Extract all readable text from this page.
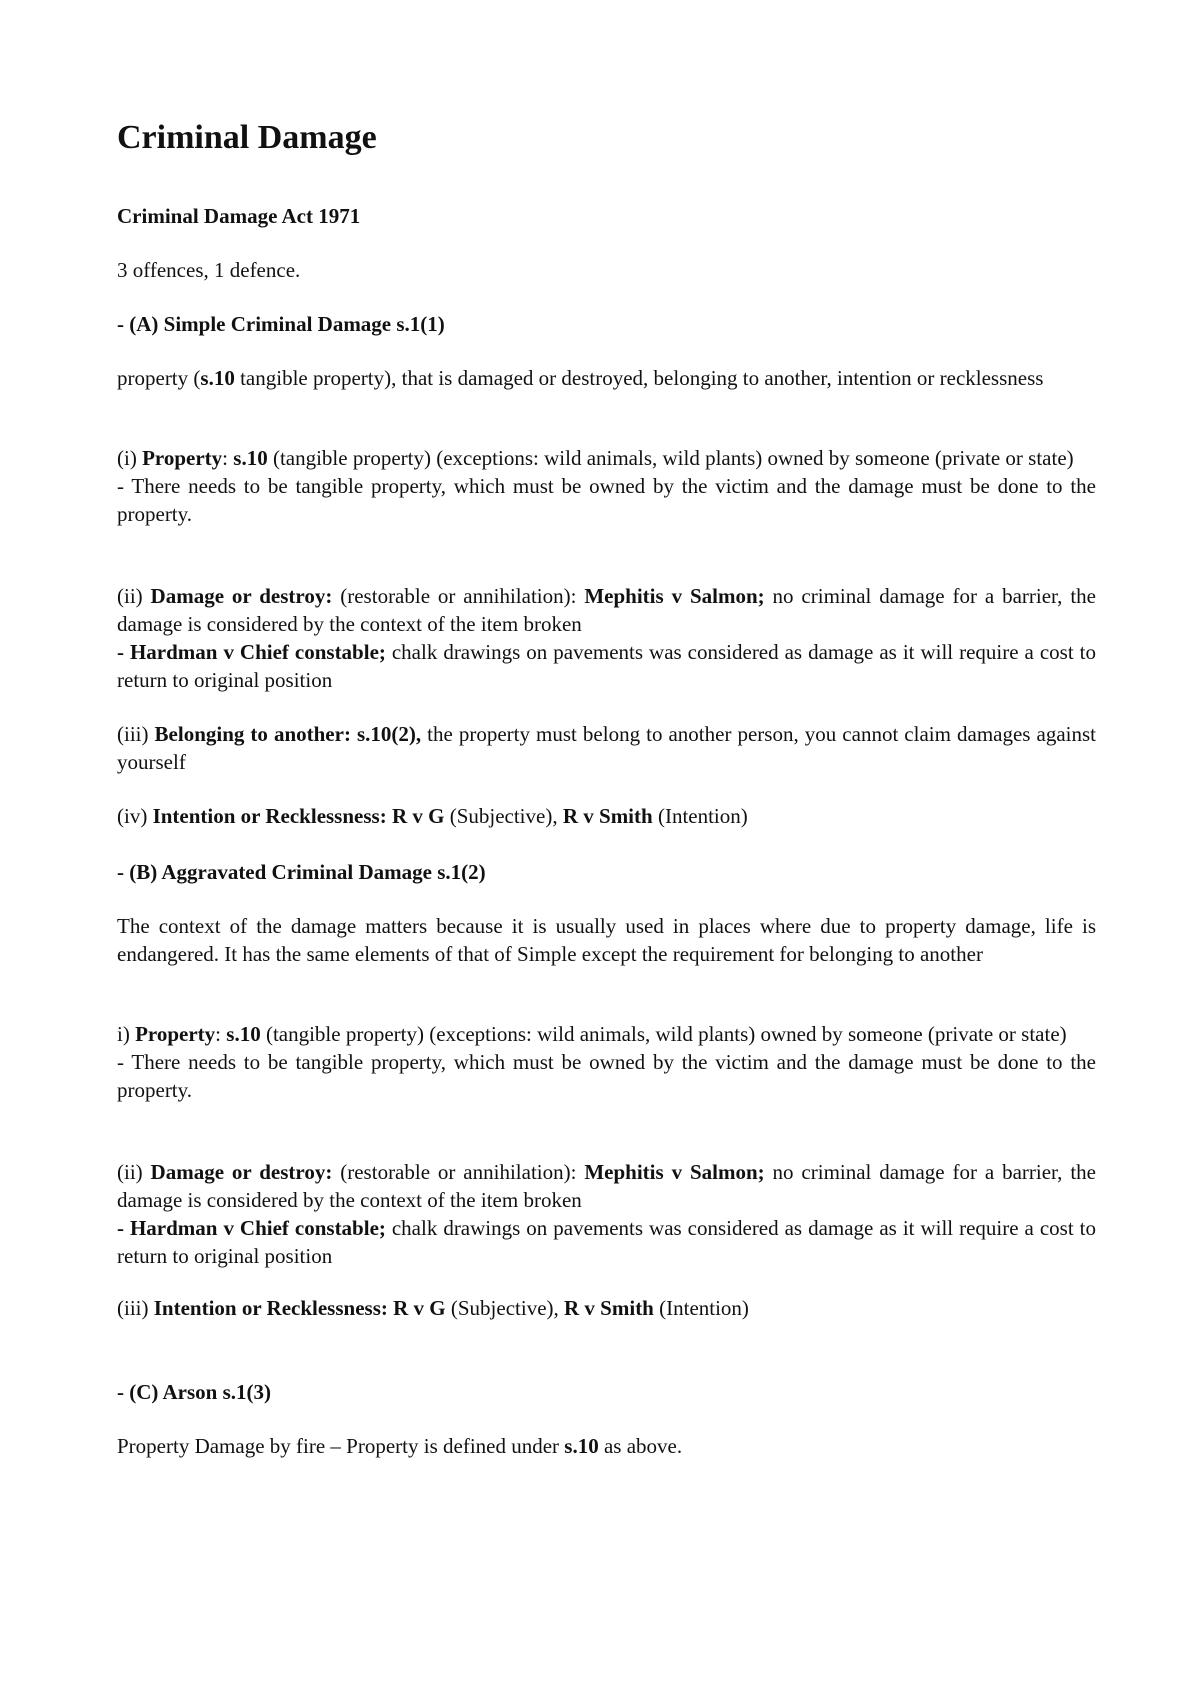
Criminal Damage

Criminal Damage Act 1971

3 offences, 1 defence.

- (A) Simple Criminal Damage s.1(1)

property (s.10 tangible property), that is damaged or destroyed, belonging to another, intention or recklessness

(i) Property: s.10 (tangible property) (exceptions: wild animals, wild plants) owned by someone (private or state)
- There needs to be tangible property, which must be owned by the victim and the damage must be done to the property.

(ii) Damage or destroy: (restorable or annihilation): Mephitis v Salmon; no criminal damage for a barrier, the damage is considered by the context of the item broken
- Hardman v Chief constable; chalk drawings on pavements was considered as damage as it will require a cost to return to original position

(iii) Belonging to another: s.10(2), the property must belong to another person, you cannot claim damages against yourself

(iv) Intention or Recklessness: R v G (Subjective), R v Smith (Intention)

- (B) Aggravated Criminal Damage s.1(2)

The context of the damage matters because it is usually used in places where due to property damage, life is endangered. It has the same elements of that of Simple except the requirement for belonging to another

i) Property: s.10 (tangible property) (exceptions: wild animals, wild plants) owned by someone (private or state)
- There needs to be tangible property, which must be owned by the victim and the damage must be done to the property.

(ii) Damage or destroy: (restorable or annihilation): Mephitis v Salmon; no criminal damage for a barrier, the damage is considered by the context of the item broken
- Hardman v Chief constable; chalk drawings on pavements was considered as damage as it will require a cost to return to original position

(iii) Intention or Recklessness: R v G (Subjective), R v Smith (Intention)

- (C) Arson s.1(3)

Property Damage by fire – Property is defined under s.10 as above.
